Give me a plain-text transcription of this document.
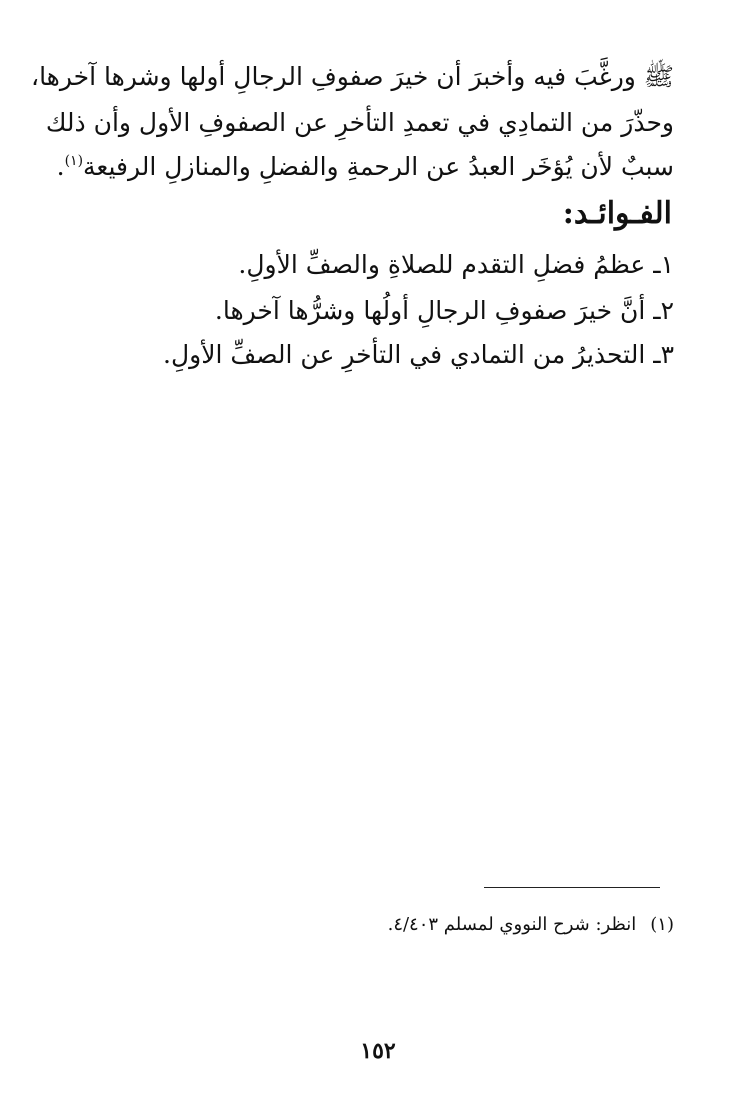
ﷺ ورغَّبَ فيه وأخبرَ أن خيرَ صفوفِ الرجالِ أولها وشرها آخرها،
وحذّرَ من التمادِي في تعمدِ التأخرِ عن الصفوفِ الأول وأن ذلك
سببٌ لأن يُؤخَر العبدُ عن الرحمةِ والفضلِ والمنازلِ الرفيعة$^{(١)}$.
الفـوائـد:
١ـ عظمُ فضلِ التقدم للصلاةِ والصفِّ الأولِ.
٢ـ أنَّ خيرَ صفوفِ الرجالِ أولُها وشرُّها آخرها.
٣ـ التحذيرُ من التمادي في التأخرِ عن الصفِّ الأولِ.
(١)انظر: شرح النووي لمسلم ٤/٤٠٣.
١٥٢
